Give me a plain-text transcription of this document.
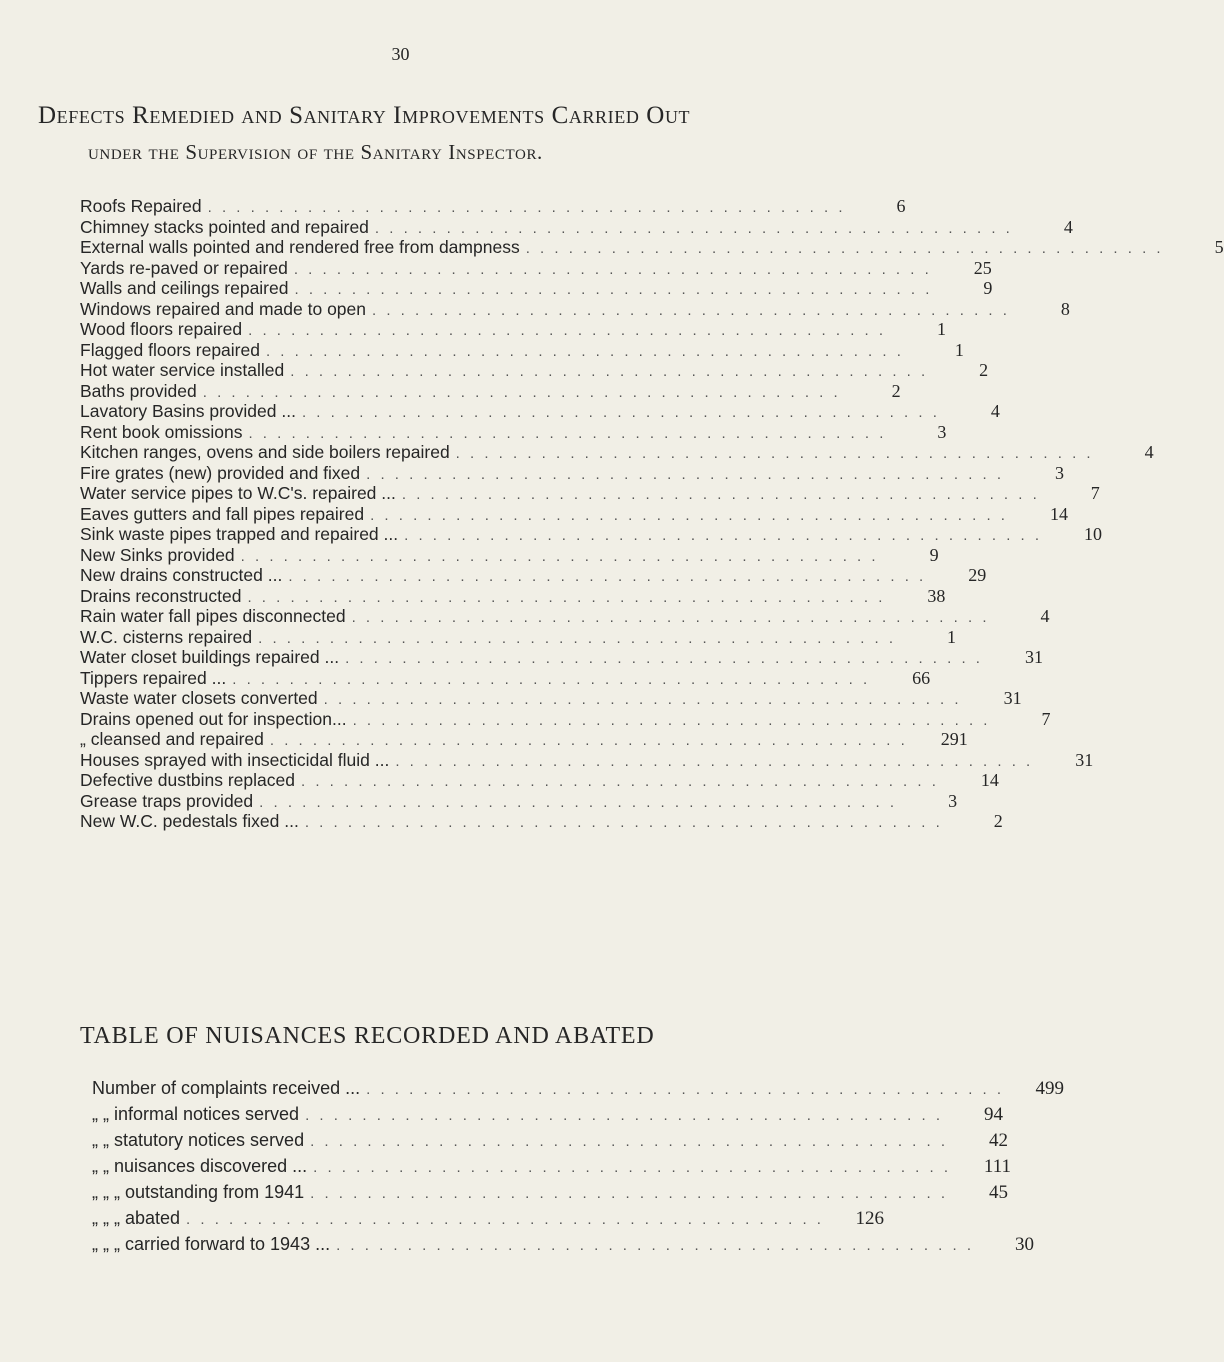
30
Defects Remedied and Sanitary Improvements Carried Out
under the Supervision of the Sanitary Inspector.
Roofs Repaired . . . . . . . . . . . . . . . . . . . . . . . . . . . . . . . . . . . . . . . . . . . . .	6
Chimney stacks pointed and repaired . . . . . . . . . . . . . . . . . . . . . . . . . . . . . . . . . . . . . . . . . . . . .	4
External walls pointed and rendered free from dampness . . . . . . . . . . . . . . . . . . . . . . . . . . . . . . . . . . . . . . . . . . . . .	5
Yards re-paved or repaired . . . . . . . . . . . . . . . . . . . . . . . . . . . . . . . . . . . . . . . . . . . . .	25
Walls and ceilings repaired . . . . . . . . . . . . . . . . . . . . . . . . . . . . . . . . . . . . . . . . . . . . .	9
Windows repaired and made to open . . . . . . . . . . . . . . . . . . . . . . . . . . . . . . . . . . . . . . . . . . . . .	8
Wood floors repaired . . . . . . . . . . . . . . . . . . . . . . . . . . . . . . . . . . . . . . . . . . . . .	1
Flagged floors repaired . . . . . . . . . . . . . . . . . . . . . . . . . . . . . . . . . . . . . . . . . . . . .	1
Hot water service installed . . . . . . . . . . . . . . . . . . . . . . . . . . . . . . . . . . . . . . . . . . . . .	2
Baths provided . . . . . . . . . . . . . . . . . . . . . . . . . . . . . . . . . . . . . . . . . . . . .	2
Lavatory Basins provided ... . . . . . . . . . . . . . . . . . . . . . . . . . . . . . . . . . . . . . . . . . . . . .	4
Rent book omissions . . . . . . . . . . . . . . . . . . . . . . . . . . . . . . . . . . . . . . . . . . . . .	3
Kitchen ranges, ovens and side boilers repaired . . . . . . . . . . . . . . . . . . . . . . . . . . . . . . . . . . . . . . . . . . . . .	4
Fire grates (new) provided and fixed . . . . . . . . . . . . . . . . . . . . . . . . . . . . . . . . . . . . . . . . . . . . .	3
Water service pipes to W.C's. repaired ... . . . . . . . . . . . . . . . . . . . . . . . . . . . . . . . . . . . . . . . . . . . . .	7
Eaves gutters and fall pipes repaired . . . . . . . . . . . . . . . . . . . . . . . . . . . . . . . . . . . . . . . . . . . . .	14
Sink waste pipes trapped and repaired ... . . . . . . . . . . . . . . . . . . . . . . . . . . . . . . . . . . . . . . . . . . . . .	10
New Sinks provided . . . . . . . . . . . . . . . . . . . . . . . . . . . . . . . . . . . . . . . . . . . . .	9
New drains constructed ... . . . . . . . . . . . . . . . . . . . . . . . . . . . . . . . . . . . . . . . . . . . . .	29
Drains reconstructed . . . . . . . . . . . . . . . . . . . . . . . . . . . . . . . . . . . . . . . . . . . . .	38
Rain water fall pipes disconnected . . . . . . . . . . . . . . . . . . . . . . . . . . . . . . . . . . . . . . . . . . . . .	4
W.C. cisterns repaired . . . . . . . . . . . . . . . . . . . . . . . . . . . . . . . . . . . . . . . . . . . . .	1
Water closet buildings repaired ... . . . . . . . . . . . . . . . . . . . . . . . . . . . . . . . . . . . . . . . . . . . . .	31
Tippers repaired ... . . . . . . . . . . . . . . . . . . . . . . . . . . . . . . . . . . . . . . . . . . . . .	66
Waste water closets converted . . . . . . . . . . . . . . . . . . . . . . . . . . . . . . . . . . . . . . . . . . . . .	31
Drains opened out for inspection... . . . . . . . . . . . . . . . . . . . . . . . . . . . . . . . . . . . . . . . . . . . . .	7
„ cleansed and repaired . . . . . . . . . . . . . . . . . . . . . . . . . . . . . . . . . . . . . . . . . . . . .	291
Houses sprayed with insecticidal fluid ... . . . . . . . . . . . . . . . . . . . . . . . . . . . . . . . . . . . . . . . . . . . . .	31
Defective dustbins replaced . . . . . . . . . . . . . . . . . . . . . . . . . . . . . . . . . . . . . . . . . . . . .	14
Grease traps provided . . . . . . . . . . . . . . . . . . . . . . . . . . . . . . . . . . . . . . . . . . . . .	3
New W.C. pedestals fixed ... . . . . . . . . . . . . . . . . . . . . . . . . . . . . . . . . . . . . . . . . . . . . .	2
TABLE OF NUISANCES RECORDED AND ABATED
Number of complaints received ... . . . . . . . . . . . . . . . . . . . . . . . . . . . . . . . . . . . . . . . . . . . . .	499
„ „ informal notices served . . . . . . . . . . . . . . . . . . . . . . . . . . . . . . . . . . . . . . . . . . . . .	94
„ „ statutory notices served . . . . . . . . . . . . . . . . . . . . . . . . . . . . . . . . . . . . . . . . . . . . .	42
„ „ nuisances discovered ... . . . . . . . . . . . . . . . . . . . . . . . . . . . . . . . . . . . . . . . . . . . . .	111
„ „ „ outstanding from 1941 . . . . . . . . . . . . . . . . . . . . . . . . . . . . . . . . . . . . . . . . . . . . .	45
„ „ „ abated . . . . . . . . . . . . . . . . . . . . . . . . . . . . . . . . . . . . . . . . . . . . .	126
„ „ „ carried forward to 1943 ... . . . . . . . . . . . . . . . . . . . . . . . . . . . . . . . . . . . . . . . . . . . . .	30
